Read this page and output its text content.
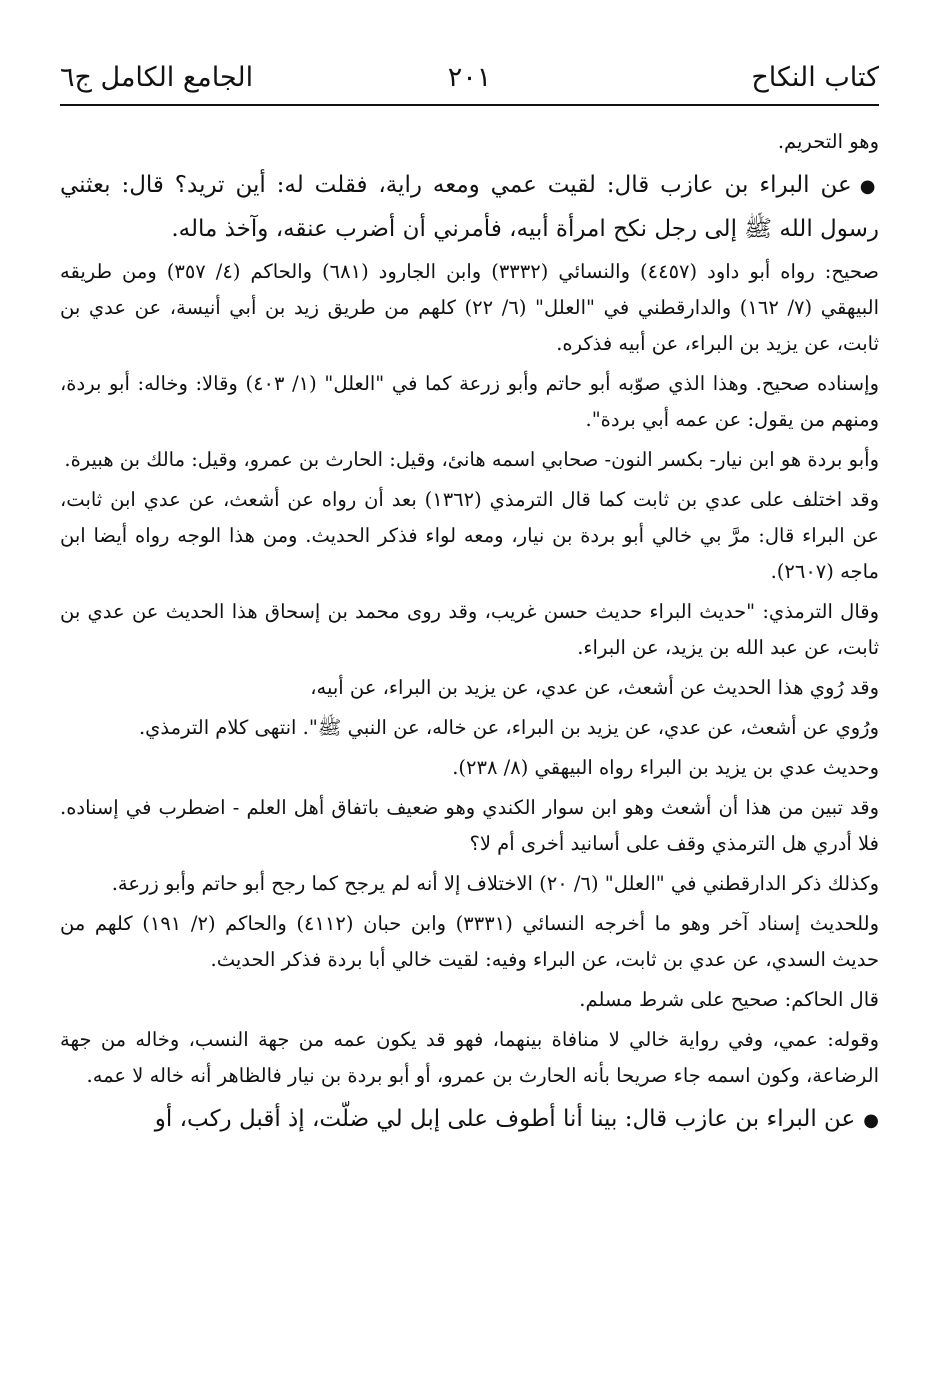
كتاب النكاح
٢٠١
الجامع الكامل ج٦
وهو التحريم.
●عن البراء بن عازب قال: لقيت عمي ومعه راية، فقلت له: أين تريد؟ قال: بعثني رسول الله ﷺ إلى رجل نكح امرأة أبيه، فأمرني أن أضرب عنقه، وآخذ ماله.
صحيح: رواه أبو داود (٤٤٥٧) والنسائي (٣٣٣٢) وابن الجارود (٦٨١) والحاكم (٤/ ٣٥٧) ومن طريقه البيهقي (٧/ ١٦٢) والدارقطني في "العلل" (٦/ ٢٢) كلهم من طريق زيد بن أبي أنيسة، عن عدي بن ثابت، عن يزيد بن البراء، عن أبيه فذكره.
وإسناده صحيح. وهذا الذي صوّبه أبو حاتم وأبو زرعة كما في "العلل" (١/ ٤٠٣) وقالا: وخاله: أبو بردة، ومنهم من يقول: عن عمه أبي بردة".
وأبو بردة هو ابن نيار- بكسر النون- صحابي اسمه هانئ، وقيل: الحارث بن عمرو، وقيل: مالك بن هبيرة.
وقد اختلف على عدي بن ثابت كما قال الترمذي (١٣٦٢) بعد أن رواه عن أشعث، عن عدي ابن ثابت، عن البراء قال: مرَّ بي خالي أبو بردة بن نيار، ومعه لواء فذكر الحديث. ومن هذا الوجه رواه أيضا ابن ماجه (٢٦٠٧).
وقال الترمذي: "حديث البراء حديث حسن غريب، وقد روى محمد بن إسحاق هذا الحديث عن عدي بن ثابت، عن عبد الله بن يزيد، عن البراء.
وقد رُوي هذا الحديث عن أشعث، عن عدي، عن يزيد بن البراء، عن أبيه،
ورُوي عن أشعث، عن عدي، عن يزيد بن البراء، عن خاله، عن النبي ﷺ". انتهى كلام الترمذي.
وحديث عدي بن يزيد بن البراء رواه البيهقي (٨/ ٢٣٨).
وقد تبين من هذا أن أشعث وهو ابن سوار الكندي وهو ضعيف باتفاق أهل العلم - اضطرب في إسناده. فلا أدري هل الترمذي وقف على أسانيد أخرى أم لا؟
وكذلك ذكر الدارقطني في "العلل" (٦/ ٢٠) الاختلاف إلا أنه لم يرجح كما رجح أبو حاتم وأبو زرعة.
وللحديث إسناد آخر وهو ما أخرجه النسائي (٣٣٣١) وابن حبان (٤١١٢) والحاكم (٢/ ١٩١) كلهم من حديث السدي، عن عدي بن ثابت، عن البراء وفيه: لقيت خالي أبا بردة فذكر الحديث.
قال الحاكم: صحيح على شرط مسلم.
وقوله: عمي، وفي رواية خالي لا منافاة بينهما، فهو قد يكون عمه من جهة النسب، وخاله من جهة الرضاعة، وكون اسمه جاء صريحا بأنه الحارث بن عمرو، أو أبو بردة بن نيار فالظاهر أنه خاله لا عمه.
●عن البراء بن عازب قال: بينا أنا أطوف على إبل لي ضلّت، إذ أقبل ركب، أو
